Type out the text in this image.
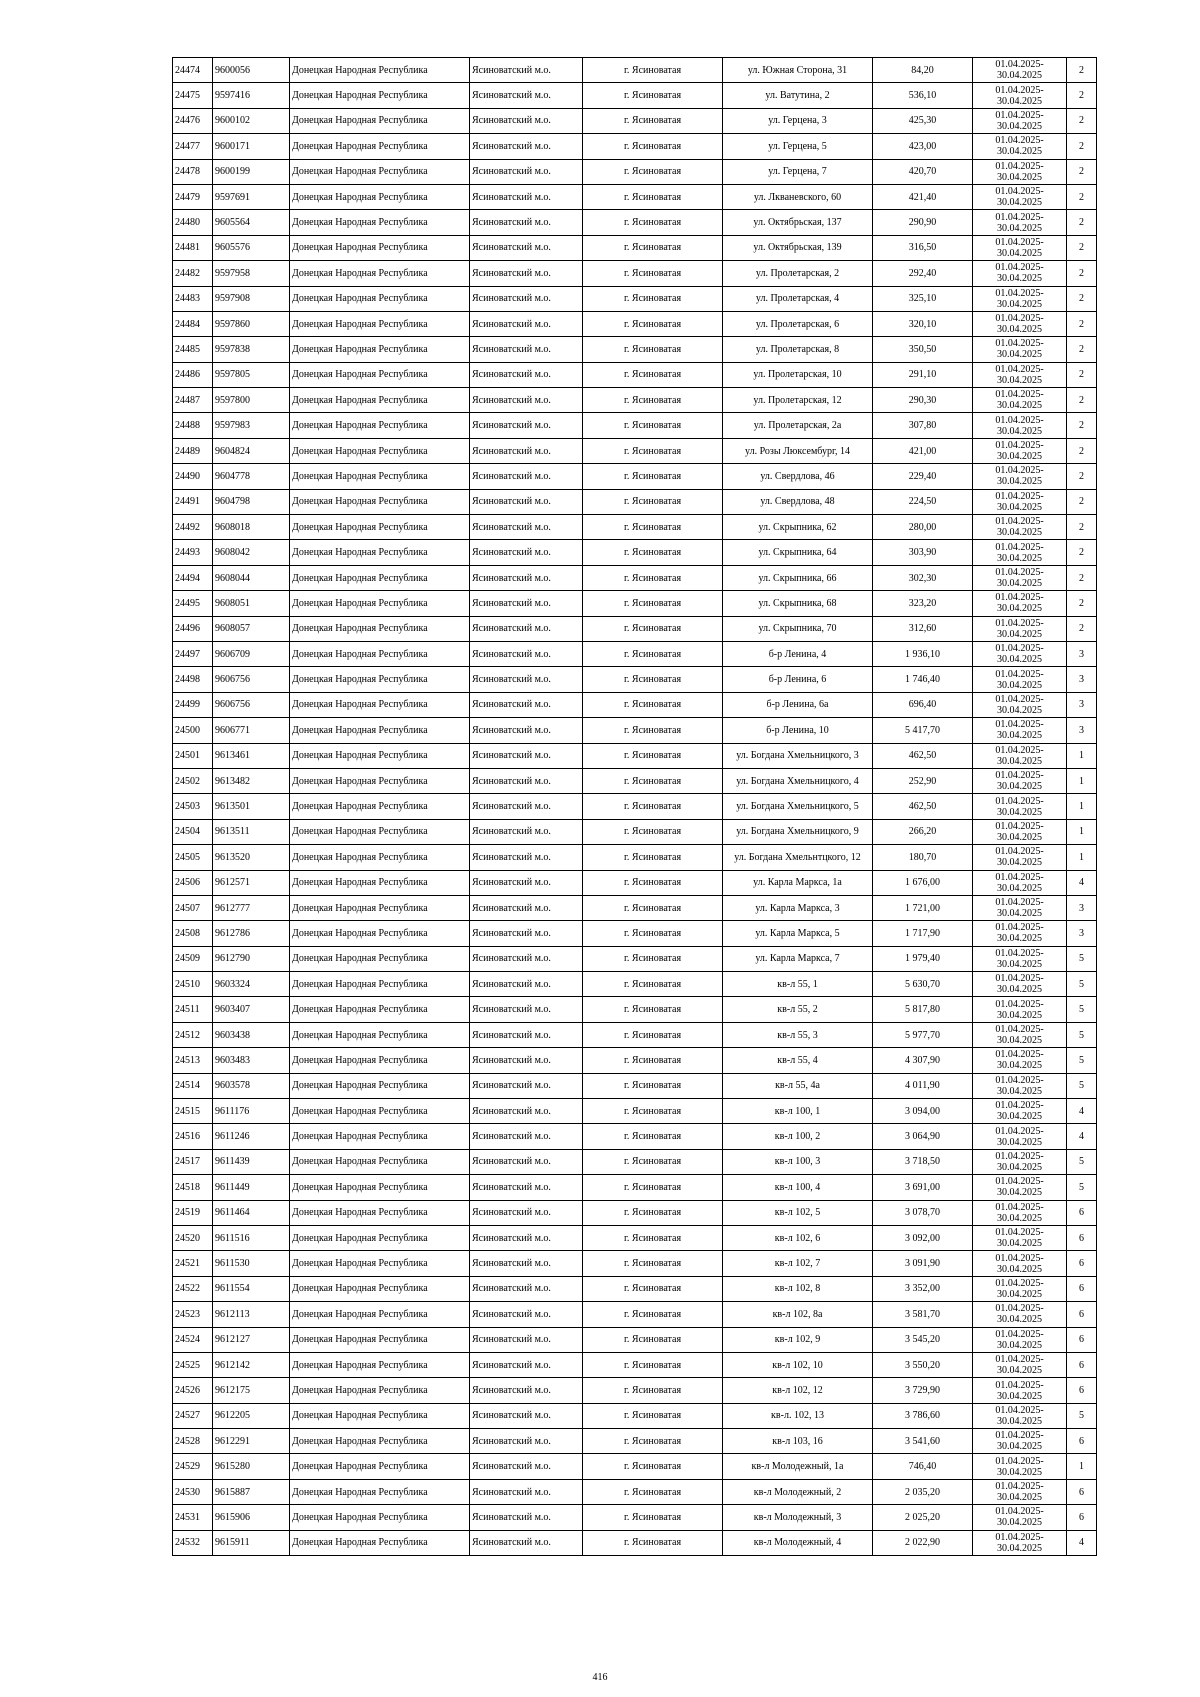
24474	9600056	Донецкая Народная Республика	Ясиноватский м.о.	г. Ясиноватая	ул. Южная Сторона, 31	84,20	01.04.2025-
30.04.2025	2
24475	9597416	Донецкая Народная Республика	Ясиноватский м.о.	г. Ясиноватая	ул. Ватутина, 2	536,10	01.04.2025-
30.04.2025	2
24476	9600102	Донецкая Народная Республика	Ясиноватский м.о.	г. Ясиноватая	ул. Герцена, 3	425,30	01.04.2025-
30.04.2025	2
24477	9600171	Донецкая Народная Республика	Ясиноватский м.о.	г. Ясиноватая	ул. Герцена, 5	423,00	01.04.2025-
30.04.2025	2
24478	9600199	Донецкая Народная Республика	Ясиноватский м.о.	г. Ясиноватая	ул. Герцена, 7	420,70	01.04.2025-
30.04.2025	2
24479	9597691	Донецкая Народная Республика	Ясиноватский м.о.	г. Ясиноватая	ул. Лкваневского, 60	421,40	01.04.2025-
30.04.2025	2
24480	9605564	Донецкая Народная Республика	Ясиноватский м.о.	г. Ясиноватая	ул. Октябрьская, 137	290,90	01.04.2025-
30.04.2025	2
24481	9605576	Донецкая Народная Республика	Ясиноватский м.о.	г. Ясиноватая	ул. Октябрьская, 139	316,50	01.04.2025-
30.04.2025	2
24482	9597958	Донецкая Народная Республика	Ясиноватский м.о.	г. Ясиноватая	ул. Пролетарская, 2	292,40	01.04.2025-
30.04.2025	2
24483	9597908	Донецкая Народная Республика	Ясиноватский м.о.	г. Ясиноватая	ул. Пролетарская, 4	325,10	01.04.2025-
30.04.2025	2
24484	9597860	Донецкая Народная Республика	Ясиноватский м.о.	г. Ясиноватая	ул. Пролетарская, 6	320,10	01.04.2025-
30.04.2025	2
24485	9597838	Донецкая Народная Республика	Ясиноватский м.о.	г. Ясиноватая	ул. Пролетарская, 8	350,50	01.04.2025-
30.04.2025	2
24486	9597805	Донецкая Народная Республика	Ясиноватский м.о.	г. Ясиноватая	ул. Пролетарская, 10	291,10	01.04.2025-
30.04.2025	2
24487	9597800	Донецкая Народная Республика	Ясиноватский м.о.	г. Ясиноватая	ул. Пролетарская, 12	290,30	01.04.2025-
30.04.2025	2
24488	9597983	Донецкая Народная Республика	Ясиноватский м.о.	г. Ясиноватая	ул. Пролетарская, 2а	307,80	01.04.2025-
30.04.2025	2
24489	9604824	Донецкая Народная Республика	Ясиноватский м.о.	г. Ясиноватая	ул. Розы Люксембург, 14	421,00	01.04.2025-
30.04.2025	2
24490	9604778	Донецкая Народная Республика	Ясиноватский м.о.	г. Ясиноватая	ул. Свердлова, 46	229,40	01.04.2025-
30.04.2025	2
24491	9604798	Донецкая Народная Республика	Ясиноватский м.о.	г. Ясиноватая	ул. Свердлова, 48	224,50	01.04.2025-
30.04.2025	2
24492	9608018	Донецкая Народная Республика	Ясиноватский м.о.	г. Ясиноватая	ул. Скрыпника, 62	280,00	01.04.2025-
30.04.2025	2
24493	9608042	Донецкая Народная Республика	Ясиноватский м.о.	г. Ясиноватая	ул. Скрыпника, 64	303,90	01.04.2025-
30.04.2025	2
24494	9608044	Донецкая Народная Республика	Ясиноватский м.о.	г. Ясиноватая	ул. Скрыпника, 66	302,30	01.04.2025-
30.04.2025	2
24495	9608051	Донецкая Народная Республика	Ясиноватский м.о.	г. Ясиноватая	ул. Скрыпника, 68	323,20	01.04.2025-
30.04.2025	2
24496	9608057	Донецкая Народная Республика	Ясиноватский м.о.	г. Ясиноватая	ул. Скрыпника, 70	312,60	01.04.2025-
30.04.2025	2
24497	9606709	Донецкая Народная Республика	Ясиноватский м.о.	г. Ясиноватая	б-р Ленина, 4	1 936,10	01.04.2025-
30.04.2025	3
24498	9606756	Донецкая Народная Республика	Ясиноватский м.о.	г. Ясиноватая	б-р Ленина, 6	1 746,40	01.04.2025-
30.04.2025	3
24499	9606756	Донецкая Народная Республика	Ясиноватский м.о.	г. Ясиноватая	б-р Ленина, 6а	696,40	01.04.2025-
30.04.2025	3
24500	9606771	Донецкая Народная Республика	Ясиноватский м.о.	г. Ясиноватая	б-р Ленина, 10	5 417,70	01.04.2025-
30.04.2025	3
24501	9613461	Донецкая Народная Республика	Ясиноватский м.о.	г. Ясиноватая	ул. Богдана Хмельницкого, 3	462,50	01.04.2025-
30.04.2025	1
24502	9613482	Донецкая Народная Республика	Ясиноватский м.о.	г. Ясиноватая	ул. Богдана Хмельницкого, 4	252,90	01.04.2025-
30.04.2025	1
24503	9613501	Донецкая Народная Республика	Ясиноватский м.о.	г. Ясиноватая	ул. Богдана Хмельницкого, 5	462,50	01.04.2025-
30.04.2025	1
24504	9613511	Донецкая Народная Республика	Ясиноватский м.о.	г. Ясиноватая	ул. Богдана Хмельницкого, 9	266,20	01.04.2025-
30.04.2025	1
24505	9613520	Донецкая Народная Республика	Ясиноватский м.о.	г. Ясиноватая	ул. Богдана Хмельнтцкого, 12	180,70	01.04.2025-
30.04.2025	1
24506	9612571	Донецкая Народная Республика	Ясиноватский м.о.	г. Ясиноватая	ул. Карла Маркса, 1а	1 676,00	01.04.2025-
30.04.2025	4
24507	9612777	Донецкая Народная Республика	Ясиноватский м.о.	г. Ясиноватая	ул. Карла Маркса, 3	1 721,00	01.04.2025-
30.04.2025	3
24508	9612786	Донецкая Народная Республика	Ясиноватский м.о.	г. Ясиноватая	ул. Карла Маркса, 5	1 717,90	01.04.2025-
30.04.2025	3
24509	9612790	Донецкая Народная Республика	Ясиноватский м.о.	г. Ясиноватая	ул. Карла Маркса, 7	1 979,40	01.04.2025-
30.04.2025	5
24510	9603324	Донецкая Народная Республика	Ясиноватский м.о.	г. Ясиноватая	кв-л 55, 1	5 630,70	01.04.2025-
30.04.2025	5
24511	9603407	Донецкая Народная Республика	Ясиноватский м.о.	г. Ясиноватая	кв-л 55, 2	5 817,80	01.04.2025-
30.04.2025	5
24512	9603438	Донецкая Народная Республика	Ясиноватский м.о.	г. Ясиноватая	кв-л 55, 3	5 977,70	01.04.2025-
30.04.2025	5
24513	9603483	Донецкая Народная Республика	Ясиноватский м.о.	г. Ясиноватая	кв-л 55, 4	4 307,90	01.04.2025-
30.04.2025	5
24514	9603578	Донецкая Народная Республика	Ясиноватский м.о.	г. Ясиноватая	кв-л 55, 4а	4 011,90	01.04.2025-
30.04.2025	5
24515	9611176	Донецкая Народная Республика	Ясиноватский м.о.	г. Ясиноватая	кв-л 100, 1	3 094,00	01.04.2025-
30.04.2025	4
24516	9611246	Донецкая Народная Республика	Ясиноватский м.о.	г. Ясиноватая	кв-л 100, 2	3 064,90	01.04.2025-
30.04.2025	4
24517	9611439	Донецкая Народная Республика	Ясиноватский м.о.	г. Ясиноватая	кв-л 100, 3	3 718,50	01.04.2025-
30.04.2025	5
24518	9611449	Донецкая Народная Республика	Ясиноватский м.о.	г. Ясиноватая	кв-л 100, 4	3 691,00	01.04.2025-
30.04.2025	5
24519	9611464	Донецкая Народная Республика	Ясиноватский м.о.	г. Ясиноватая	кв-л 102, 5	3 078,70	01.04.2025-
30.04.2025	6
24520	9611516	Донецкая Народная Республика	Ясиноватский м.о.	г. Ясиноватая	кв-л 102, 6	3 092,00	01.04.2025-
30.04.2025	6
24521	9611530	Донецкая Народная Республика	Ясиноватский м.о.	г. Ясиноватая	кв-л 102, 7	3 091,90	01.04.2025-
30.04.2025	6
24522	9611554	Донецкая Народная Республика	Ясиноватский м.о.	г. Ясиноватая	кв-л 102, 8	3 352,00	01.04.2025-
30.04.2025	6
24523	9612113	Донецкая Народная Республика	Ясиноватский м.о.	г. Ясиноватая	кв-л 102, 8а	3 581,70	01.04.2025-
30.04.2025	6
24524	9612127	Донецкая Народная Республика	Ясиноватский м.о.	г. Ясиноватая	кв-л 102, 9	3 545,20	01.04.2025-
30.04.2025	6
24525	9612142	Донецкая Народная Республика	Ясиноватский м.о.	г. Ясиноватая	кв-л 102, 10	3 550,20	01.04.2025-
30.04.2025	6
24526	9612175	Донецкая Народная Республика	Ясиноватский м.о.	г. Ясиноватая	кв-л 102, 12	3 729,90	01.04.2025-
30.04.2025	6
24527	9612205	Донецкая Народная Республика	Ясиноватский м.о.	г. Ясиноватая	кв-л. 102, 13	3 786,60	01.04.2025-
30.04.2025	5
24528	9612291	Донецкая Народная Республика	Ясиноватский м.о.	г. Ясиноватая	кв-л 103, 16	3 541,60	01.04.2025-
30.04.2025	6
24529	9615280	Донецкая Народная Республика	Ясиноватский м.о.	г. Ясиноватая	кв-л Молодежный, 1а	746,40	01.04.2025-
30.04.2025	1
24530	9615887	Донецкая Народная Республика	Ясиноватский м.о.	г. Ясиноватая	кв-л Молодежный, 2	2 035,20	01.04.2025-
30.04.2025	6
24531	9615906	Донецкая Народная Республика	Ясиноватский м.о.	г. Ясиноватая	кв-л Молодежный, 3	2 025,20	01.04.2025-
30.04.2025	6
24532	9615911	Донецкая Народная Республика	Ясиноватский м.о.	г. Ясиноватая	кв-л Молодежный, 4	2 022,90	01.04.2025-
30.04.2025	4
416
